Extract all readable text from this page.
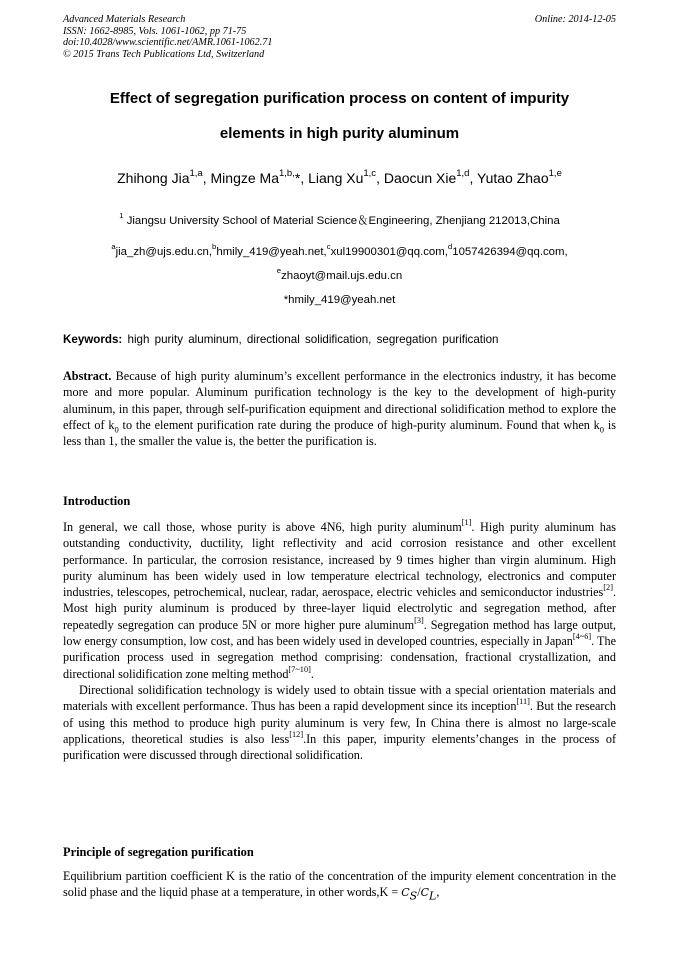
Advanced Materials Research
ISSN: 1662-8985, Vols. 1061-1062, pp 71-75
doi:10.4028/www.scientific.net/AMR.1061-1062.71
© 2015 Trans Tech Publications Ltd, Switzerland
Online: 2014-12-05
Effect of segregation purification process on content of impurity
elements in high purity aluminum
Zhihong Jia$^{1,a}$, Mingze $Ma^{1,b,}*$, Liang Xu$^{1,c}$, Daocun Xie$^{1,d}$, Yutao Zhao$^{1,e}$
$^1$ Jiangsu University School of Material Science＆Engineering, Zhenjiang 212013,China
$^a$jia_zh@ujs.edu.cn,$^b$hmily_419@yeah.net,$^c$xul19900301@qq.com,$^d$1057426394@qq.com,
$^e$zhaoyt@mail.ujs.edu.cn
*hmily_419@yeah.net
Keywords: high purity aluminum, directional solidification, segregation purification
Abstract. Because of high purity aluminum’s excellent performance in the electronics industry, it has become more and more popular. Aluminum purification technology is the key to the development of high-purity aluminum, in this paper, through self-purification equipment and directional solidification method to explore the effect of $k_0$ to the element purification rate during the produce of high-purity aluminum. Found that when $k_0$ is less than 1, the smaller the value is, the better the purification is.
Introduction

In general, we call those, whose purity is above 4N6, high purity aluminum[1]. High purity aluminum has outstanding conductivity, ductility, light reflectivity and acid corrosion resistance and other excellent performance. In particular, the corrosion resistance, increased by 9 times higher than virgin aluminum. High purity aluminum has been widely used in low temperature electrical technology, electronics and computer industries, telescopes, petrochemical, nuclear, radar, aerospace, electric vehicles and semiconductor industries[2]. Most high purity aluminum is produced by three-layer liquid electrolytic and segregation method, after repeatedly segregation can produce 5N or more higher pure aluminum[3]. Segregation method has large output, low energy consumption, low cost, and has been widely used in developed countries, especially in Japan[4~6]. The purification process used in segregation method comprising: condensation, fractional crystallization, and directional solidification zone melting method[7~10].

Directional solidification technology is widely used to obtain tissue with a special orientation materials and materials with excellent performance. Thus has been a rapid development since its inception[11]. But the research of using this method to produce high purity aluminum is very few, In China there is almost no large-scale applications, theoretical studies is also less[12].In this paper, impurity elements’changes in the process of purification were discussed through directional solidification.

Principle of segregation purification
Equilibrium partition coefficient K is the ratio of the concentration of the impurity element concentration in the solid phase and the liquid phase at a temperature, in other words,K = $C_S/C_L$,
